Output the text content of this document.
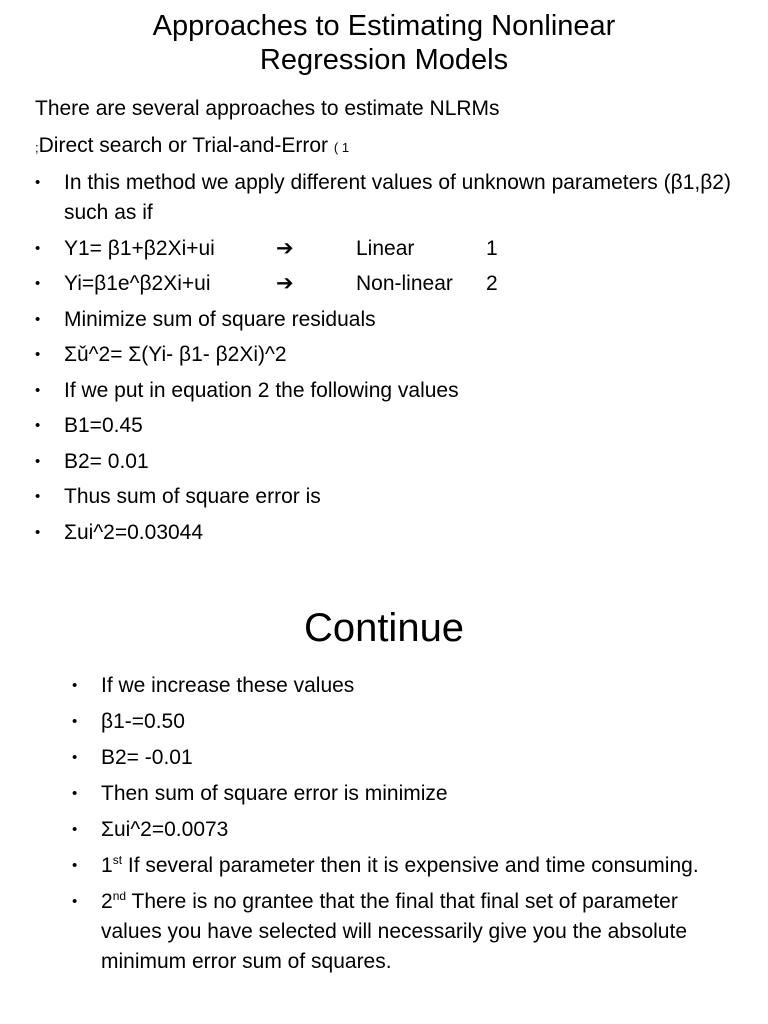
Approaches to Estimating Nonlinear
Regression Models
There are several approaches to estimate NLRMs
;Direct search or Trial-and-Error ( 1
• In this method we apply different values of unknown parameters (β1,β2) such as if
• Y1= β1+β2Xi+ui	➔	Linear	1
• Yi=β1e^β2Xi+ui	➔	Non-linear	2
• Minimize sum of square residuals
• Σǔ^2= Σ(Yi- β1- β2Xi)^2
• If we put in equation 2 the following values
• B1=0.45
• B2= 0.01
• Thus sum of square error is
• Σui^2=0.03044
Continue
• If we increase these values
• β1-=0.50
• B2= -0.01
• Then sum of square error is minimize
• Σui^2=0.0073
• 1st If several parameter then it is expensive and time consuming.
• 2nd There is no grantee that the final that final set of parameter values you have selected will necessarily give you the absolute minimum error sum of squares.
